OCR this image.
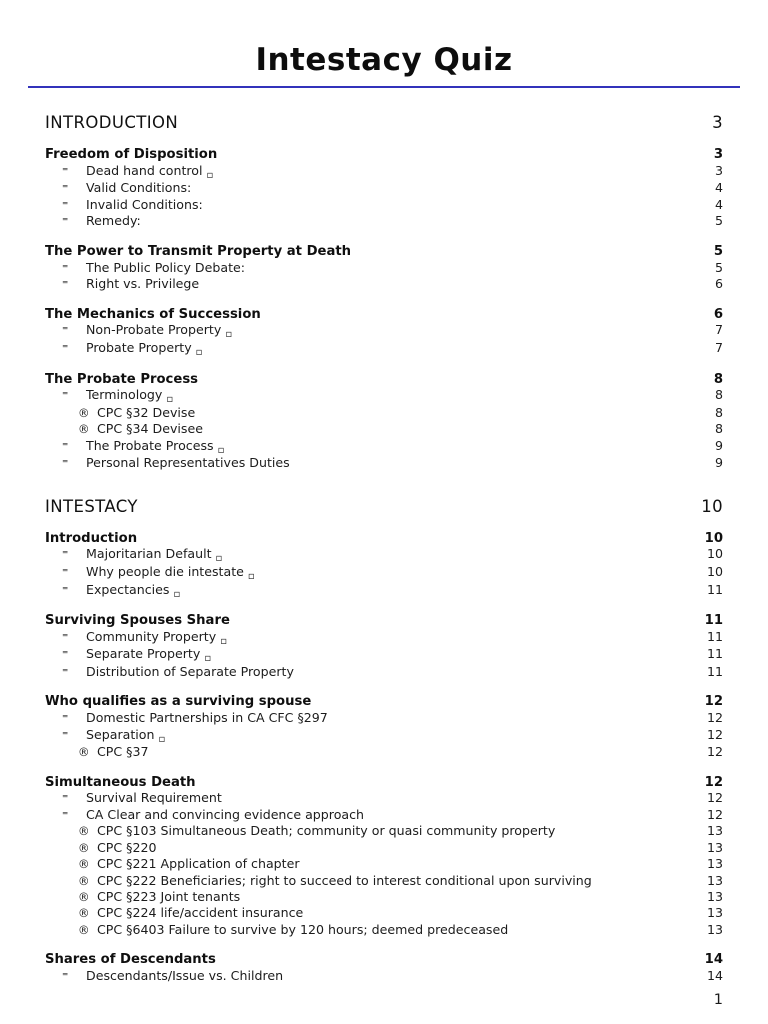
Intestacy Quiz
INTRODUCTION	3
Freedom of Disposition	3
⁼	Dead hand control ▫	3
⁼	Valid Conditions:	4
⁼	Invalid Conditions:	4
⁼	Remedy:	5
The Power to Transmit Property at Death	5
⁼	The Public Policy Debate:	5
⁼	Right vs. Privilege	6
The Mechanics of Succession	6
⁼	Non-Probate Property ▫	7
⁼	Probate Property ▫	7
The Probate Process	8
⁼	Terminology ▫	8
® CPC §32 Devise	8
® CPC §34 Devisee	8
⁼	The Probate Process ▫	9
⁼	Personal Representatives Duties	9
INTESTACY	10
Introduction	10
⁼	Majoritarian Default ▫	10
⁼	Why people die intestate ▫	10
⁼	Expectancies ▫	11
Surviving Spouses Share	11
⁼	Community Property ▫	11
⁼	Separate Property ▫	11
⁼	Distribution of Separate Property	11
Who qualifies as a surviving spouse	12
⁼	Domestic Partnerships in CA CFC §297	12
⁼	Separation ▫	12
® CPC §37	12
Simultaneous Death	12
⁼	Survival Requirement	12
⁼	CA Clear and convincing evidence approach	12
® CPC §103 Simultaneous Death; community or quasi community property	13
® CPC §220	13
® CPC §221 Application of chapter	13
® CPC §222 Beneficiaries; right to succeed to interest conditional upon surviving	13
® CPC §223 Joint tenants	13
® CPC §224 life/accident insurance	13
® CPC §6403 Failure to survive by 120 hours; deemed predeceased	13
Shares of Descendants	14
⁼	Descendants/Issue vs. Children	14
1
